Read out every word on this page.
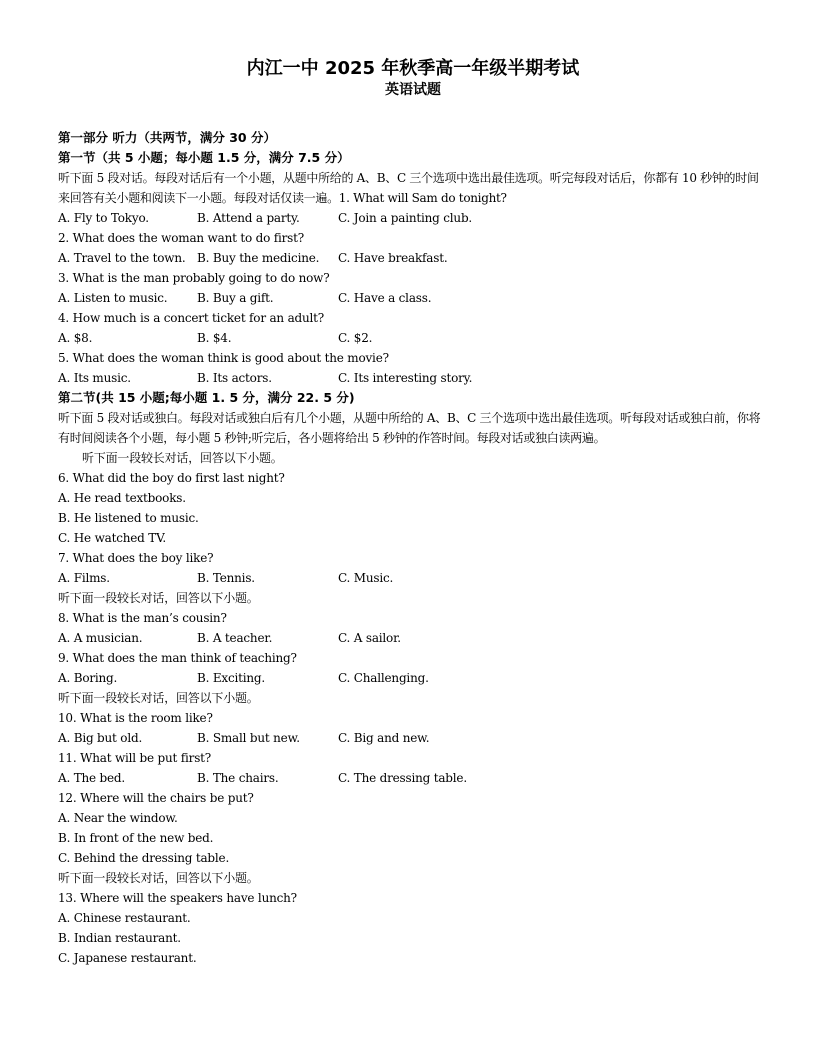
内江一中 2025 年秋季高一年级半期考试
英语试题
第一部分 听力（共两节，满分 30 分）
第一节（共 5 小题；每小题 1.5 分，满分 7.5 分）
听下面 5 段对话。每段对话后有一个小题，从题中所给的 A、B、C 三个选项中选出最佳选项。听完每段对话后，你都有 10 秒钟的时间来回答有关小题和阅读下一小题。每段对话仅读一遍。1. What will Sam do tonight?
A. Fly to Tokyo.	B. Attend a party.	C. Join a painting club.
2. What does the woman want to do first?
A. Travel to the town. B. Buy the medicine.	C. Have breakfast.
3. What is the man probably going to do now?
A. Listen to music.	B. Buy a gift.	C. Have a class.
4. How much is a concert ticket for an adult?
A. $8.	B. $4.	C. $2.
5. What does the woman think is good about the movie?
A. Its music.	B. Its actors.	C. Its interesting story.
第二节(共 15 小题;每小题 1. 5 分，满分 22. 5 分)
听下面 5 段对话或独白。每段对话或独白后有几个小题，从题中所给的 A、B、C 三个选项中选出最佳选项。听每段对话或独白前，你将有时间阅读各个小题，每小题 5 秒钟;听完后，各小题将给出 5 秒钟的作答时间。每段对话或独白读两遍。
听下面一段较长对话，回答以下小题。
6. What did the boy do first last night?
A. He read textbooks.
B. He listened to music.
C. He watched TV.
7. What does the boy like?
A. Films.	B. Tennis.	C. Music.
听下面一段较长对话，回答以下小题。
8. What is the man’s cousin?
A. A musician.	B. A teacher.	C. A sailor.
9. What does the man think of teaching?
A. Boring.	B. Exciting.	C. Challenging.
听下面一段较长对话，回答以下小题。
10. What is the room like?
A. Big but old.	B. Small but new.	C. Big and new.
11. What will be put first?
A. The bed.	B. The chairs.	C. The dressing table.
12. Where will the chairs be put?
A. Near the window.
B. In front of the new bed.
C. Behind the dressing table.
听下面一段较长对话，回答以下小题。
13. Where will the speakers have lunch?
A. Chinese restaurant.
B. Indian restaurant.
C. Japanese restaurant.
